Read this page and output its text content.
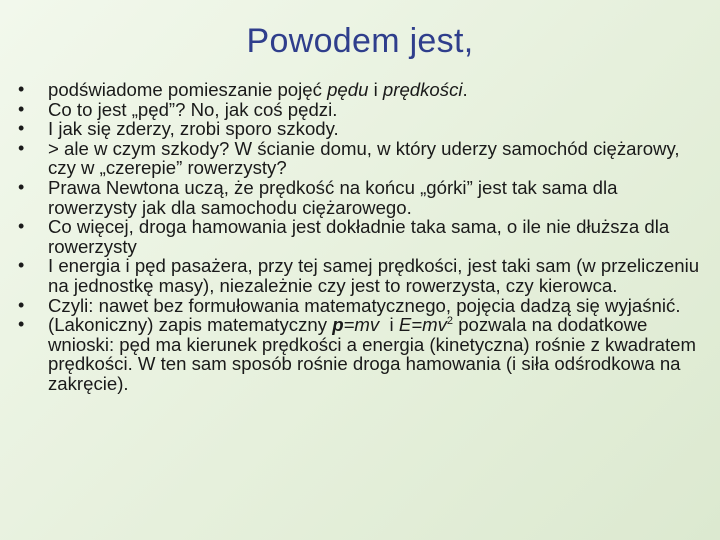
Powodem jest,
• podświadome pomieszanie pojęć pędu i prędkości.
• Co to jest „pęd”? No, jak coś pędzi.
• I jak się zderzy, zrobi sporo szkody.
• > ale w czym szkody? W ścianie domu, w który uderzy samochód ciężarowy, czy w „czerepie” rowerzysty?
• Prawa Newtona uczą, że prędkość na końcu „górki” jest tak sama dla rowerzysty jak dla samochodu ciężarowego.
• Co więcej, droga hamowania jest dokładnie taka sama, o ile nie dłuższa dla rowerzysty
• I energia i pęd pasażera, przy tej samej prędkości, jest taki sam (w przeliczeniu na jednostkę masy), niezależnie czy jest to rowerzysta, czy kierowca.
• Czyli: nawet bez formułowania matematycznego, pojęcia dadzą się wyjaśnić.
• (Lakoniczny) zapis matematyczny p=mv  i $E=mv^2$ pozwala na dodatkowe wnioski: pęd ma kierunek prędkości a energia (kinetyczna) rośnie z kwadratem prędkości. W ten sam sposób rośnie droga hamowania (i siła odśrodkowa na zakręcie).
